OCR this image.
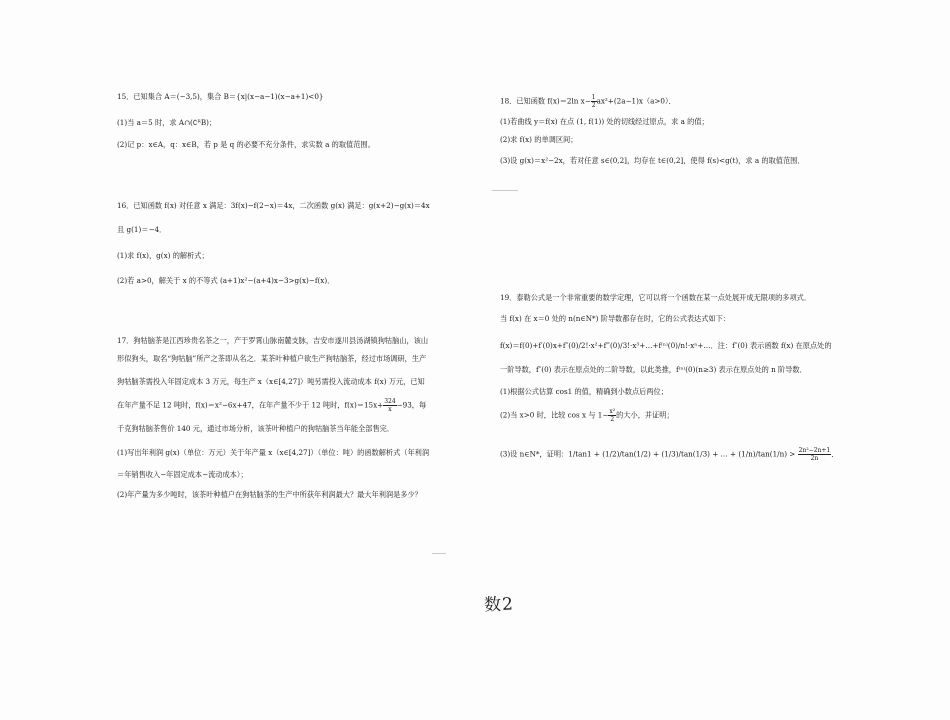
15．已知集合 A＝(−3,5)，集合 B＝{x|(x−a−1)(x−a+1)<0}
(1)当 a＝5 时，求 A∩(∁ᴿB)；
(2)记 p：x∈A，q：x∈B，若 p 是 q 的必要不充分条件，求实数 a 的取值范围。
16．已知函数 f(x) 对任意 x 满足：3f(x)−f(2−x)＝4x，二次函数 g(x) 满足：g(x+2)−g(x)＝4x
且 g(1)＝−4．
(1)求 f(x)，g(x) 的解析式；
(2)若 a>0，解关于 x 的不等式 (a+1)x²−(a+4)x−3>g(x)−f(x)．
17．狗牯脑茶是江西珍贵名茶之一，产于罗霄山脉南麓支脉，吉安市遂川县汤湖镇狗牯脑山，该山
形似狗头，取名“狗牯脑”所产之茶即从名之．某茶叶种植户欲生产狗牯脑茶，经过市场调研，生产
狗牯脑茶需投入年固定成本 3 万元，每生产 x（x∈[4,27]）吨另需投入流动成本 f(x) 万元，已知
在年产量不足 12 吨时，f(x)＝x²−6x+47，在年产量不少于 12 吨时，$f(x)=15x+ \frac{324}{x} -93$，每
千克狗牯脑茶售价 140 元，通过市场分析，该茶叶种植户的狗牯脑茶当年能全部售完．
(1)写出年利润 g(x)（单位：万元）关于年产量 x（x∈[4,27]）（单位：吨）的函数解析式（年利润
＝年销售收入−年固定成本−流动成本）；
(2)年产量为多少吨时，该茶叶种植户在狗牯脑茶的生产中所获年利润最大？最大年利润是多少？
18．已知函数 f(x)＝2ln $x- \frac{1}{2} ax^2+(2a-1)x(a>0)$．
(1)若曲线 y＝f(x) 在点 (1, f(1)) 处的切线经过原点，求 a 的值；
(2)求 f(x) 的单调区间；
(3)设 g(x)＝x²−2x，若对任意 s∈(0,2]，均存在 t∈(0,2]，使得 f(s)<g(t)，求 a 的取值范围．
19．泰勒公式是一个非常重要的数学定理，它可以将一个函数在某一点处展开成无限项的多项式．
当 f(x) 在 x＝0 处的 n(n∈N*) 阶导数都存在时，它的公式表达式如下：
f(x)＝f(0)+f′(0)x+f″(0)/2!·x²+f‴(0)/3!·x³+…+f⁽ⁿ⁾(0)/n!·xⁿ+…．注：f″(0) 表示函数 f(x) 在原点处的
一阶导数，f″(0) 表示在原点处的二阶导数，以此类推，f⁽ⁿ⁾(0)(n≥3) 表示在原点处的 n 阶导数．
(1)根据公式估算 cos1 的值，精确到小数点后两位；
(2)当 x>0 时，比较 cos x 与 $1- \frac{\text{x²}}{2}$ 的大小，并证明；
(3)设 n∈N*，证明：1/tan1 + (1/2)/tan(1/2) + (1/3)/tan(1/3) + … + $(1/n)/\tan(1/n) > \frac{\text{2n²−2n+1}}{2n}$ ．
数2
